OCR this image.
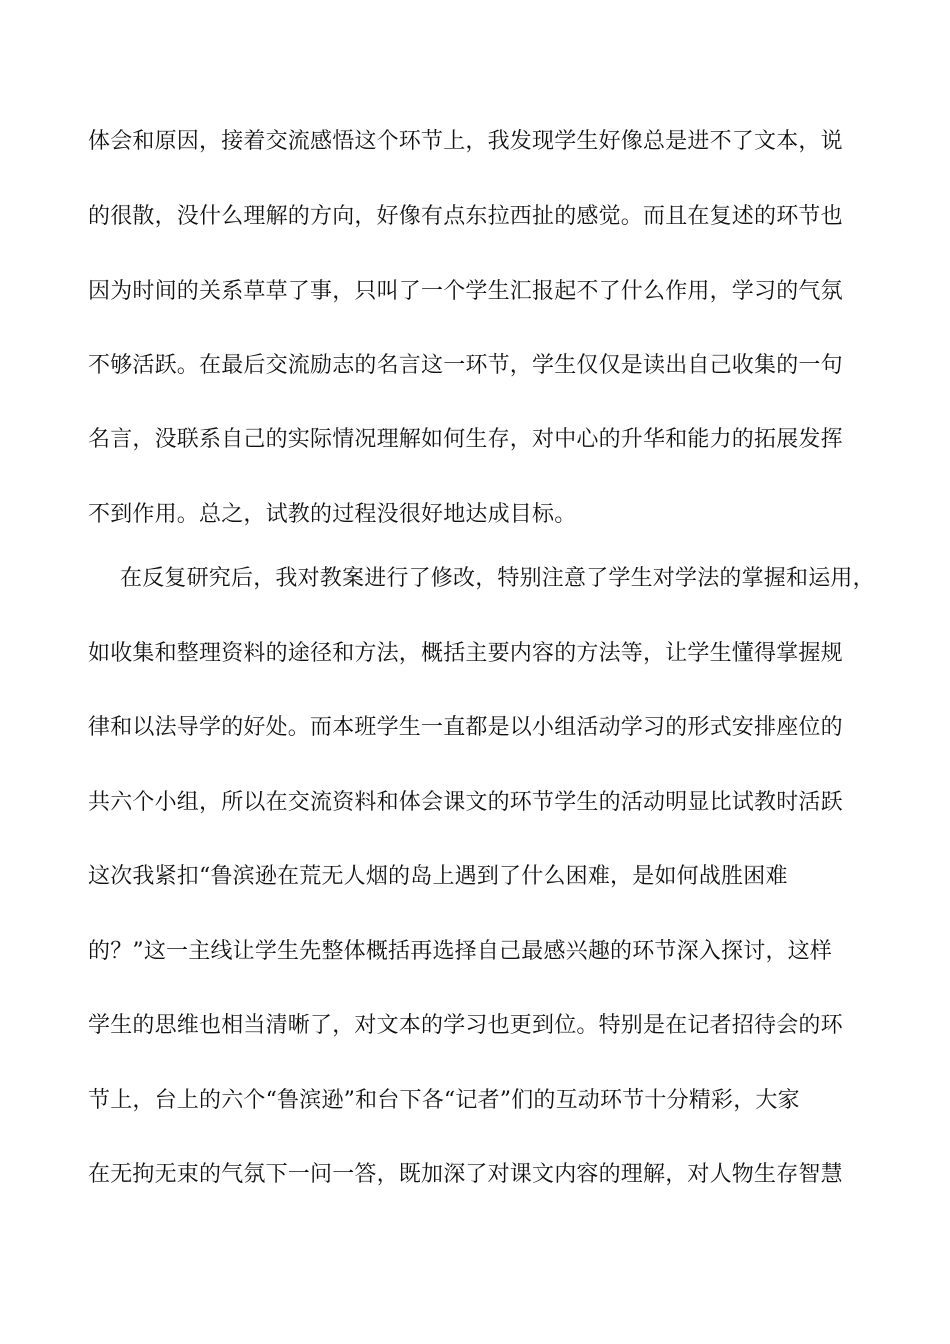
体会和原因，接着交流感悟这个环节上，我发现学生好像总是进不了文本，说
的很散，没什么理解的方向，好像有点东拉西扯的感觉。而且在复述的环节也
因为时间的关系草草了事，只叫了一个学生汇报起不了什么作用，学习的气氛
不够活跃。在最后交流励志的名言这一环节，学生仅仅是读出自己收集的一句
名言，没联系自己的实际情况理解如何生存，对中心的升华和能力的拓展发挥
不到作用。总之，试教的过程没很好地达成目标。
在反复研究后，我对教案进行了修改，特别注意了学生对学法的掌握和运用，
如收集和整理资料的途径和方法，概括主要内容的方法等，让学生懂得掌握规
律和以法导学的好处。而本班学生一直都是以小组活动学习的形式安排座位的
共六个小组，所以在交流资料和体会课文的环节学生的活动明显比试教时活跃
这次我紧扣“鲁滨逊在荒无人烟的岛上遇到了什么困难，是如何战胜困难
的？”这一主线让学生先整体概括再选择自己最感兴趣的环节深入探讨，这样
学生的思维也相当清晰了，对文本的学习也更到位。特别是在记者招待会的环
节上，台上的六个“鲁滨逊”和台下各“记者”们的互动环节十分精彩，大家
在无拘无束的气氛下一问一答，既加深了对课文内容的理解，对人物生存智慧
